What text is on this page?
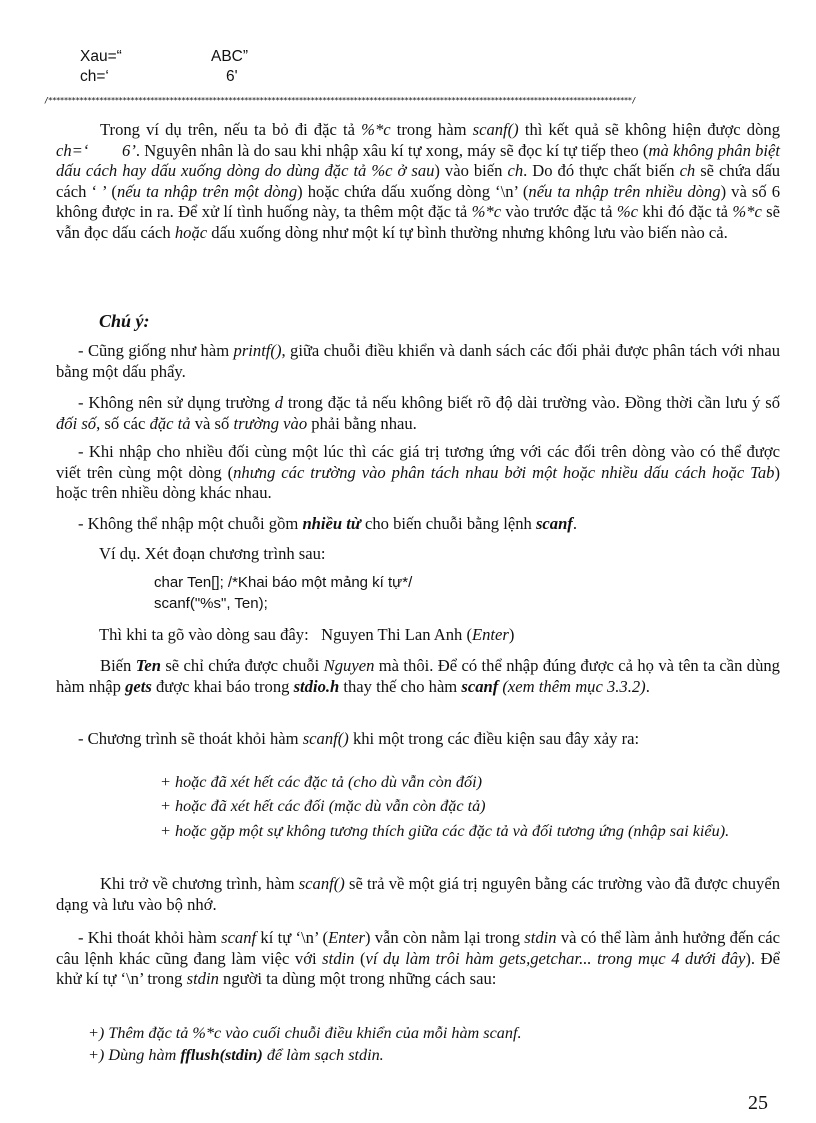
Xau=“	ABC”
ch=‘	6'
/*****************************************************************************************************************************************************/
Trong ví dụ trên, nếu ta bỏ đi đặc tả %*c trong hàm scanf() thì kết quả sẽ không hiện được dòng ch=‘        6’. Nguyên nhân là do sau khi nhập xâu kí tự xong, máy sẽ đọc kí tự tiếp theo (mà không phân biệt dấu cách hay dấu xuống dòng do dùng đặc tả %c ở sau) vào biến ch. Do đó thực chất biến ch sẽ chứa dấu cách ‘ ’ (nếu ta nhập trên một dòng) hoặc chứa dấu xuống dòng ‘\n’ (nếu ta nhập trên nhiều dòng) và số 6 không được in ra. Để xử lí tình huống này, ta thêm một đặc tả %*c vào trước đặc tả %c khi đó đặc tả %*c sẽ vẫn đọc dấu cách hoặc dấu xuống dòng như một kí tự bình thường nhưng không lưu vào biến nào cả.
Chú ý:
- Cũng giống như hàm printf(), giữa chuỗi điều khiển và danh sách các đối phải được phân tách với nhau bằng một dấu phẩy.
- Không nên sử dụng trường d trong đặc tả nếu không biết rõ độ dài trường vào. Đồng thời cần lưu ý số đối số, số các đặc tả và số trường vào phải bằng nhau.
- Khi nhập cho nhiều đối cùng một lúc thì các giá trị tương ứng với các đối trên dòng vào có thể được viết trên cùng một dòng (nhưng các trường vào phân tách nhau bởi một hoặc nhiều dấu cách hoặc Tab) hoặc trên nhiều dòng khác nhau.
- Không thể nhập một chuỗi gồm nhiều từ cho biến chuỗi bằng lệnh scanf.
Ví dụ. Xét đoạn chương trình sau:
char Ten[]; /*Khai báo một mảng kí tự*/
scanf("%s", Ten);
Thì khi ta gõ vào dòng sau đây:   Nguyen Thi Lan Anh (Enter)
Biến Ten sẽ chỉ chứa được chuỗi Nguyen mà thôi. Để có thể nhập đúng được cả họ và tên ta cần dùng hàm nhập gets được khai báo trong stdio.h thay thế cho hàm scanf (xem thêm mục 3.3.2).
- Chương trình sẽ thoát khỏi hàm scanf() khi một trong các điều kiện sau đây xảy ra:
+ hoặc đã xét hết các đặc tả (cho dù vẫn còn đối)
+ hoặc đã xét hết các đối (mặc dù vẫn còn đặc tả)
+ hoặc gặp một sự không tương thích giữa các đặc tả và đối tương ứng (nhập sai kiểu).
Khi trở về chương trình, hàm scanf() sẽ trả về một giá trị nguyên bằng các trường vào đã được chuyển dạng và lưu vào bộ nhớ.
- Khi thoát khỏi hàm scanf kí tự ‘\n’ (Enter) vẫn còn nằm lại trong stdin và có thể làm ảnh hưởng đến các câu lệnh khác cũng đang làm việc với stdin (ví dụ làm trôi hàm gets,getchar... trong mục 4 dưới đây). Để khử kí tự ‘\n’ trong stdin người ta dùng một trong những cách sau:
+) Thêm đặc tả %*c vào cuối chuỗi điều khiển của mỗi hàm scanf.
+) Dùng hàm fflush(stdin) để làm sạch stdin.
25
